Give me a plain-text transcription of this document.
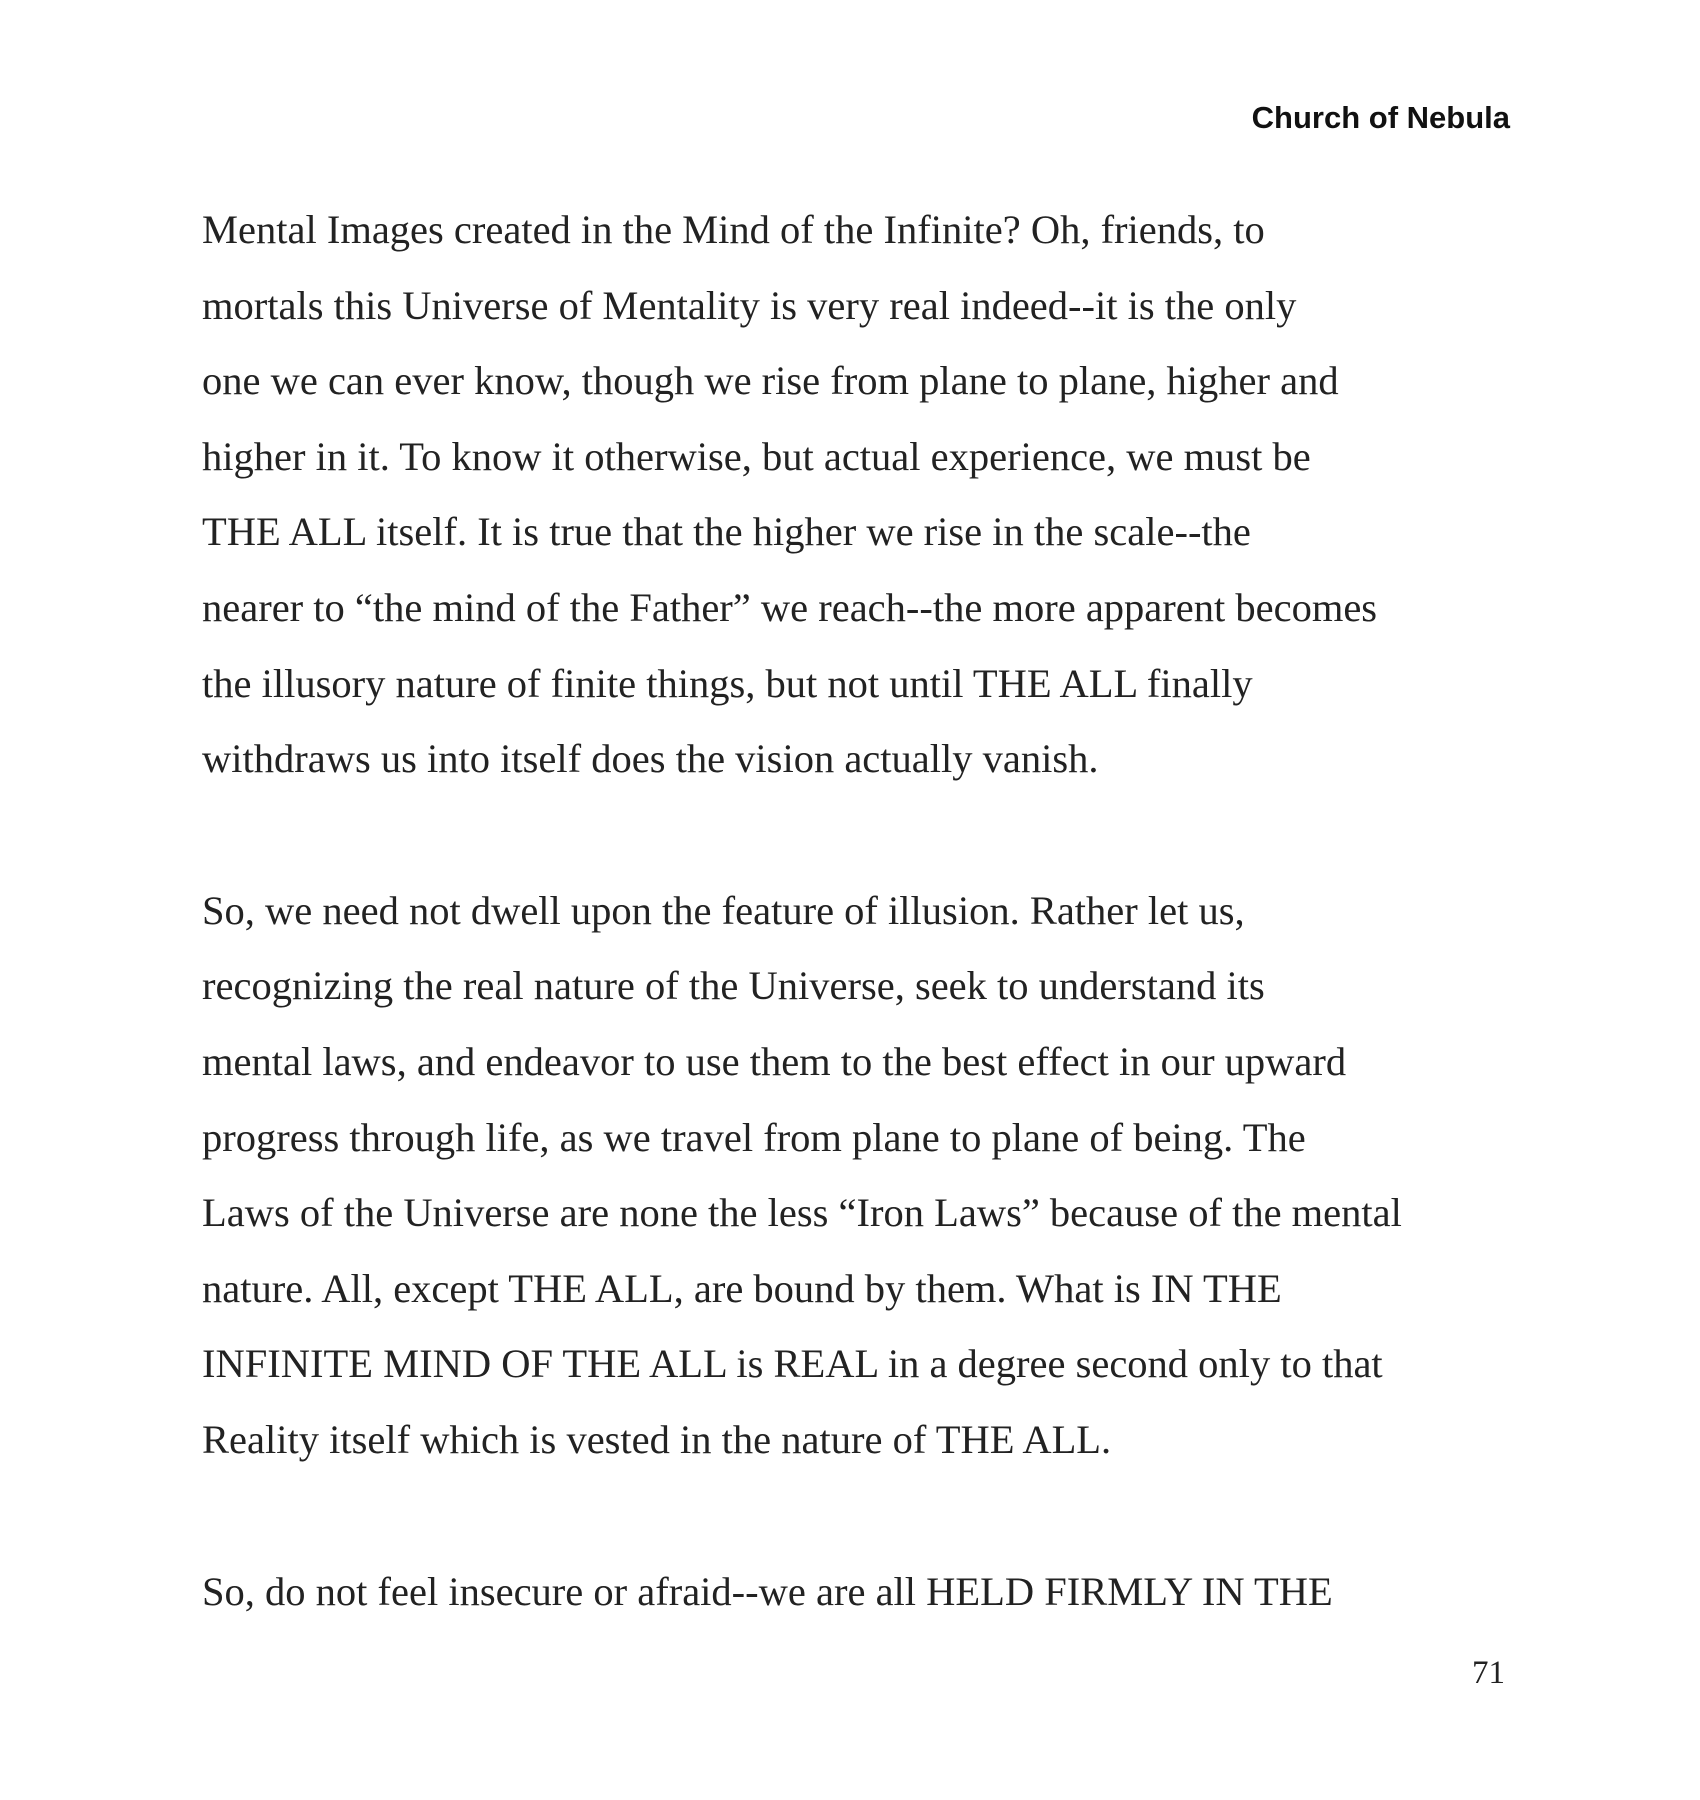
Church of Nebula

Mental Images created in the Mind of the Infinite? Oh, friends, to
mortals this Universe of Mentality is very real indeed--it is the only
one we can ever know, though we rise from plane to plane, higher and
higher in it. To know it otherwise, but actual experience, we must be
THE ALL itself. It is true that the higher we rise in the scale--the
nearer to “the mind of the Father” we reach--the more apparent becomes
the illusory nature of finite things, but not until THE ALL finally
withdraws us into itself does the vision actually vanish.

So, we need not dwell upon the feature of illusion. Rather let us,
recognizing the real nature of the Universe, seek to understand its
mental laws, and endeavor to use them to the best effect in our upward
progress through life, as we travel from plane to plane of being. The
Laws of the Universe are none the less “Iron Laws” because of the mental
nature. All, except THE ALL, are bound by them. What is IN THE
INFINITE MIND OF THE ALL is REAL in a degree second only to that
Reality itself which is vested in the nature of THE ALL.

So, do not feel insecure or afraid--we are all HELD FIRMLY IN THE

71
